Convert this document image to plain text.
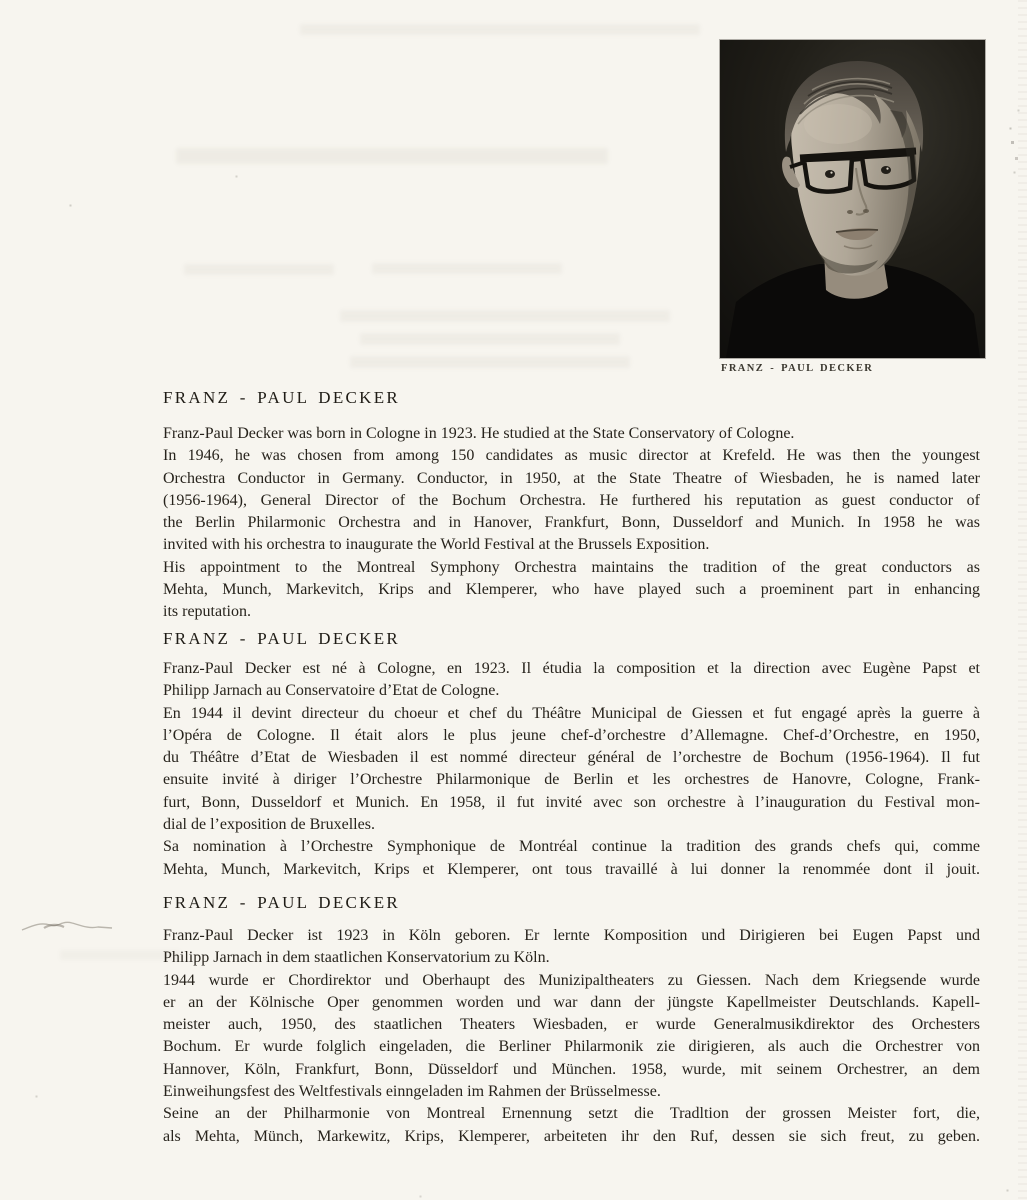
FRANZ - PAUL DECKER
FRANZ - PAUL DECKER
Franz-Paul Decker was born in Cologne in 1923. He studied at the State Conservatory of Cologne.
In 1946, he was chosen from among 150 candidates as music director at Krefeld. He was then the youngest
Orchestra Conductor in Germany. Conductor, in 1950, at the State Theatre of Wiesbaden, he is named later
(1956-1964), General Director of the Bochum Orchestra. He furthered his reputation as guest conductor of
the Berlin Philarmonic Orchestra and in Hanover, Frankfurt, Bonn, Dusseldorf and Munich. In 1958 he was
invited with his orchestra to inaugurate the World Festival at the Brussels Exposition.
His appointment to the Montreal Symphony Orchestra maintains the tradition of the great conductors as
Mehta, Munch, Markevitch, Krips and Klemperer, who have played such a proeminent part in enhancing
its reputation.
FRANZ - PAUL DECKER
Franz-Paul Decker est né à Cologne, en 1923. Il étudia la composition et la direction avec Eugène Papst et
Philipp Jarnach au Conservatoire d’Etat de Cologne.
En 1944 il devint directeur du choeur et chef du Théâtre Municipal de Giessen et fut engagé après la guerre à
l’Opéra de Cologne. Il était alors le plus jeune chef-d’orchestre d’Allemagne. Chef-d’Orchestre, en 1950,
du Théâtre d’Etat de Wiesbaden il est nommé directeur général de l’orchestre de Bochum (1956-1964). Il fut
ensuite invité à diriger l’Orchestre Philarmonique de Berlin et les orchestres de Hanovre, Cologne, Frank-
furt, Bonn, Dusseldorf et Munich. En 1958, il fut invité avec son orchestre à l’inauguration du Festival mon-
dial de l’exposition de Bruxelles.
Sa nomination à l’Orchestre Symphonique de Montréal continue la tradition des grands chefs qui, comme
Mehta, Munch, Markevitch, Krips et Klemperer, ont tous travaillé à lui donner la renommée dont il jouit.
FRANZ - PAUL DECKER
Franz-Paul Decker ist 1923 in Köln geboren. Er lernte Komposition und Dirigieren bei Eugen Papst und
Philipp Jarnach in dem staatlichen Konservatorium zu Köln.
1944 wurde er Chordirektor und Oberhaupt des Munizipaltheaters zu Giessen. Nach dem Kriegsende wurde
er an der Kölnische Oper genommen worden und war dann der jüngste Kapellmeister Deutschlands. Kapell-
meister auch, 1950, des staatlichen Theaters Wiesbaden, er wurde Generalmusikdirektor des Orchesters
Bochum. Er wurde folglich eingeladen, die Berliner Philarmonik zie dirigieren, als auch die Orchestrer von
Hannover, Köln, Frankfurt, Bonn, Düsseldorf und München. 1958, wurde, mit seinem Orchestrer, an dem
Einweihungsfest des Weltfestivals einngeladen im Rahmen der Brüsselmesse.
Seine an der Philharmonie von Montreal Ernennung setzt die Tradltion der grossen Meister fort, die,
als Mehta, Münch, Markewitz, Krips, Klemperer, arbeiteten ihr den Ruf, dessen sie sich freut, zu geben.
